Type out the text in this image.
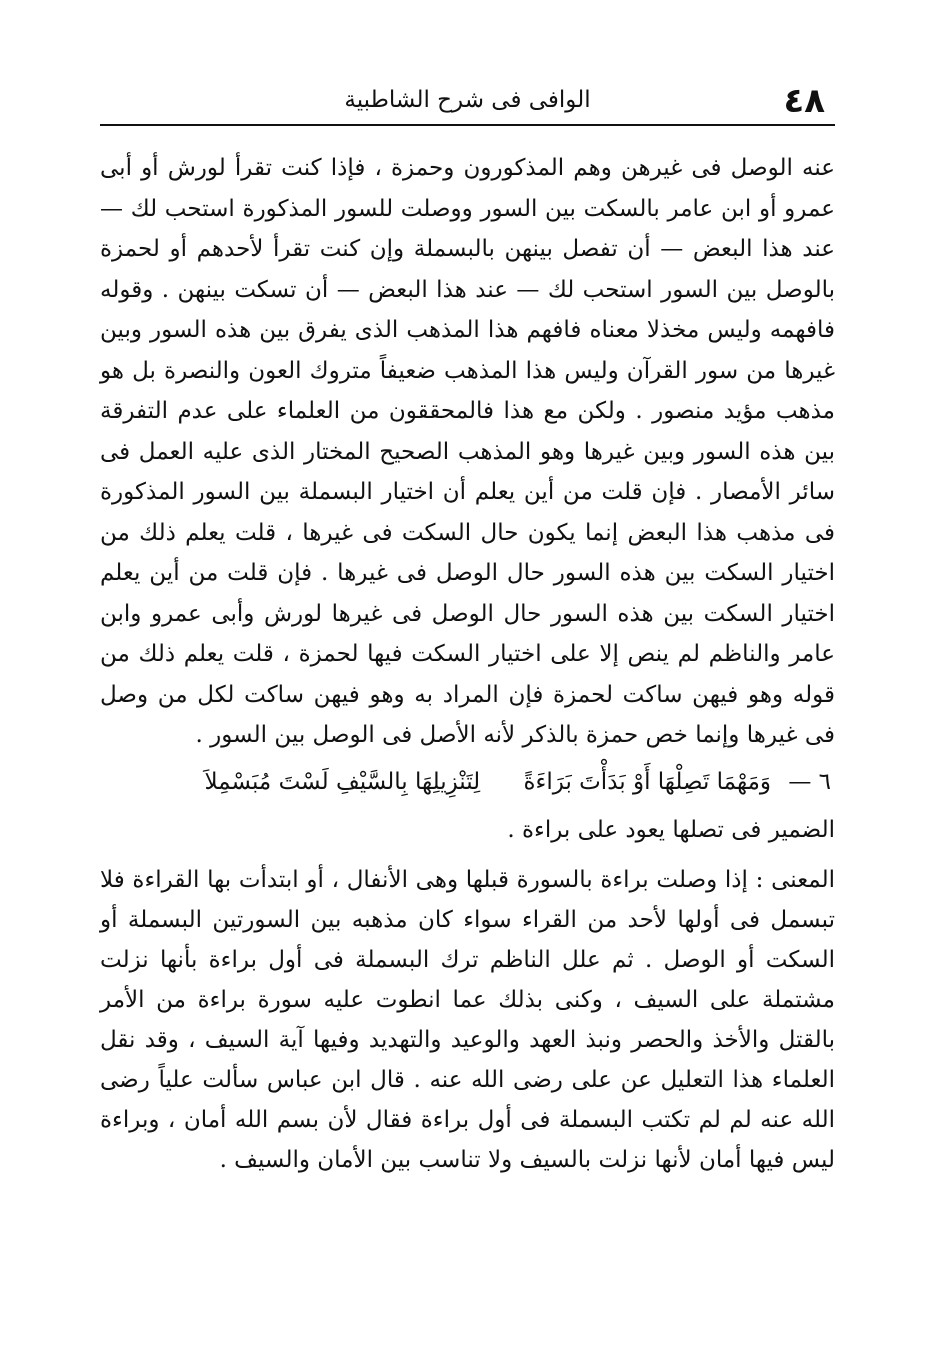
٤٨
الوافى فى شرح الشاطبية

عنه الوصل فى غيرهن وهم المذكورون وحمزة ، فإذا كنت تقرأ لورش أو أبى عمرو أو ابن عامر بالسكت بين السور ووصلت للسور المذكورة استحب لك — عند هذا البعض — أن تفصل بينهن بالبسملة وإن كنت تقرأ لأحدهم أو لحمزة بالوصل بين السور استحب لك — عند هذا البعض — أن تسكت بينهن . وقوله فافهمه وليس مخذلا معناه فافهم هذا المذهب الذى يفرق بين هذه السور وبين غيرها من سور القرآن وليس هذا المذهب ضعيفاً متروك العون والنصرة بل هو مذهب مؤيد منصور . ولكن مع هذا فالمحققون من العلماء على عدم التفرقة بين هذه السور وبين غيرها وهو المذهب الصحيح المختار الذى عليه العمل فى سائر الأمصار . فإن قلت من أين يعلم أن اختيار البسملة بين السور المذكورة فى مذهب هذا البعض إنما يكون حال السكت فى غيرها ، قلت يعلم ذلك من اختيار السكت بين هذه السور حال الوصل فى غيرها . فإن قلت من أين يعلم اختيار السكت بين هذه السور حال الوصل فى غيرها لورش وأبى عمرو وابن عامر والناظم لم ينص إلا على اختيار السكت فيها لحمزة ، قلت يعلم ذلك من قوله وهو فيهن ساكت لحمزة فإن المراد به وهو فيهن ساكت لكل من وصل فى غيرها وإنما خص حمزة بالذكر لأنه الأصل فى الوصل بين السور .

٦ — وَمَهْمَا تَصِلْهَا أَوْ بَدَأْتَ بَرَاءَةً لِتَنْزِيلِهَا بِالسَّيْفِ لَسْتَ مُبَسْمِلاَ

الضمير فى تصلها يعود على براءة .

المعنى : إذا وصلت براءة بالسورة قبلها وهى الأنفال ، أو ابتدأت بها القراءة فلا تبسمل فى أولها لأحد من القراء سواء كان مذهبه بين السورتين البسملة أو السكت أو الوصل . ثم علل الناظم ترك البسملة فى أول براءة بأنها نزلت مشتملة على السيف ، وكنى بذلك عما انطوت عليه سورة براءة من الأمر بالقتل والأخذ والحصر ونبذ العهد والوعيد والتهديد وفيها آية السيف ، وقد نقل العلماء هذا التعليل عن على رضى الله عنه . قال ابن عباس سألت علياً رضى الله عنه لم لم تكتب البسملة فى أول براءة فقال لأن بسم الله أمان ، وبراءة ليس فيها أمان لأنها نزلت بالسيف ولا تناسب بين الأمان والسيف .
